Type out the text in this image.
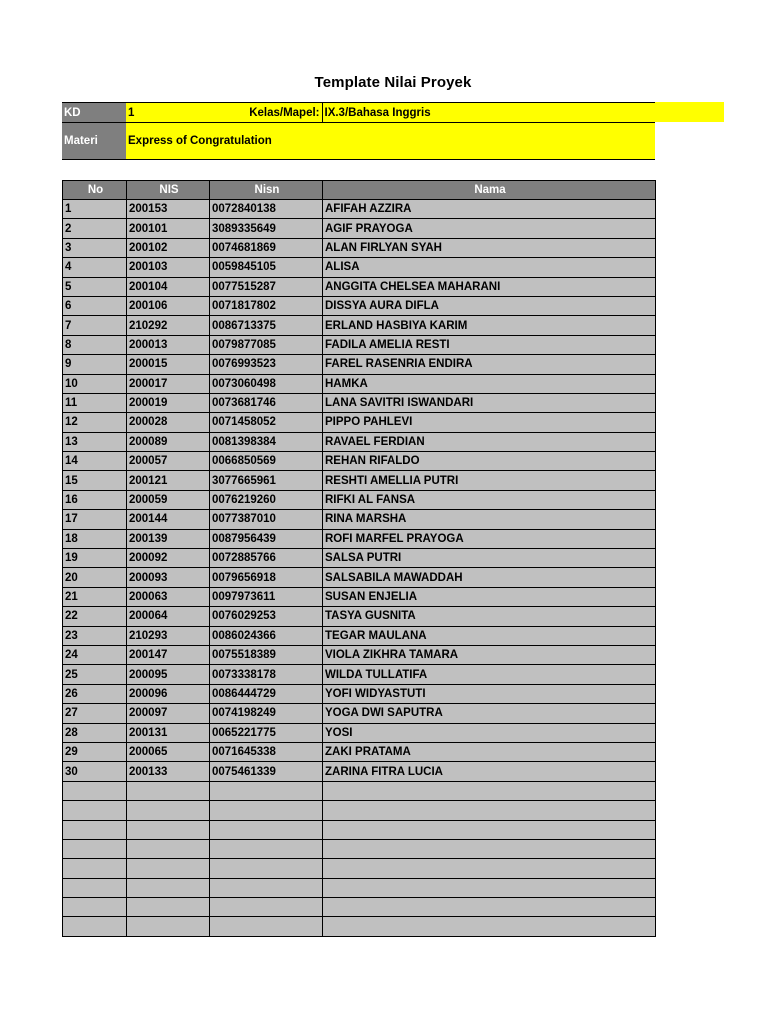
Template Nilai Proyek
KD	1	Kelas/Mapel:	IX.3/Bahasa Inggris
Materi	Express of Congratulation		
No	NIS	Nisn	Nama
1	200153	0072840138	AFIFAH AZZIRA
2	200101	3089335649	AGIF PRAYOGA
3	200102	0074681869	ALAN FIRLYAN SYAH
4	200103	0059845105	ALISA
5	200104	0077515287	ANGGITA CHELSEA MAHARANI
6	200106	0071817802	DISSYA AURA DIFLA
7	210292	0086713375	ERLAND HASBIYA KARIM
8	200013	0079877085	FADILA AMELIA RESTI
9	200015	0076993523	FAREL RASENRIA ENDIRA
10	200017	0073060498	HAMKA
11	200019	0073681746	LANA SAVITRI ISWANDARI
12	200028	0071458052	PIPPO PAHLEVI
13	200089	0081398384	RAVAEL FERDIAN
14	200057	0066850569	REHAN RIFALDO
15	200121	3077665961	RESHTI AMELLIA PUTRI
16	200059	0076219260	RIFKI AL FANSA
17	200144	0077387010	RINA MARSHA
18	200139	0087956439	ROFI MARFEL PRAYOGA
19	200092	0072885766	SALSA PUTRI
20	200093	0079656918	SALSABILA MAWADDAH
21	200063	0097973611	SUSAN ENJELIA
22	200064	0076029253	TASYA GUSNITA
23	210293	0086024366	TEGAR MAULANA
24	200147	0075518389	VIOLA ZIKHRA TAMARA
25	200095	0073338178	WILDA TULLATIFA
26	200096	0086444729	YOFI WIDYASTUTI
27	200097	0074198249	YOGA DWI SAPUTRA
28	200131	0065221775	YOSI
29	200065	0071645338	ZAKI PRATAMA
30	200133	0075461339	ZARINA FITRA LUCIA
